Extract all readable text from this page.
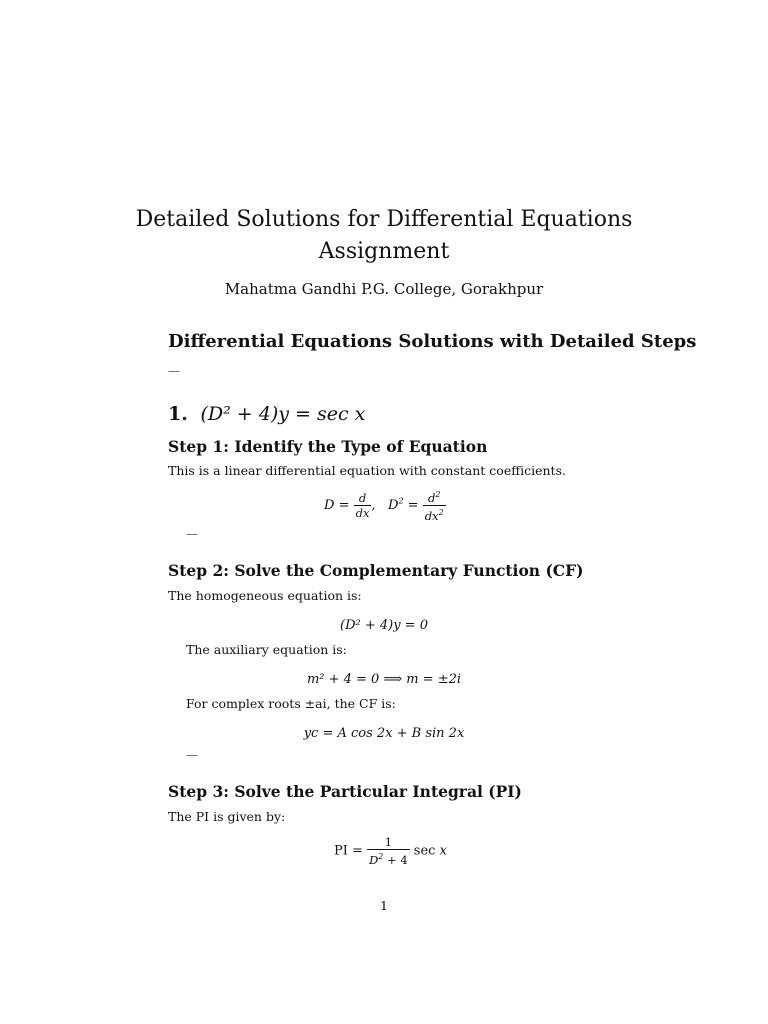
Detailed Solutions for Differential Equations
Assignment
Mahatma Gandhi P.G. College, Gorakhpur
Differential Equations Solutions with Detailed Steps
—
1. (D² + 4)y = sec x
Step 1: Identify the Type of Equation
This is a linear differential equation with constant coefficients.
$D = \frac{d}{dx}$ ,   $D^2 = \frac{d^2}{dx^2}$
—
Step 2: Solve the Complementary Function (CF)
The homogeneous equation is:
(D² + 4)y = 0
The auxiliary equation is:
m² + 4 = 0 ⟹ m = ±2i
For complex roots ±ai, the CF is:
yc = A cos 2x + B sin 2x
—
Step 3: Solve the Particular Integral (PI)
The PI is given by:
PI = $\frac{1}{D^2 + 4}$ sec x
1
